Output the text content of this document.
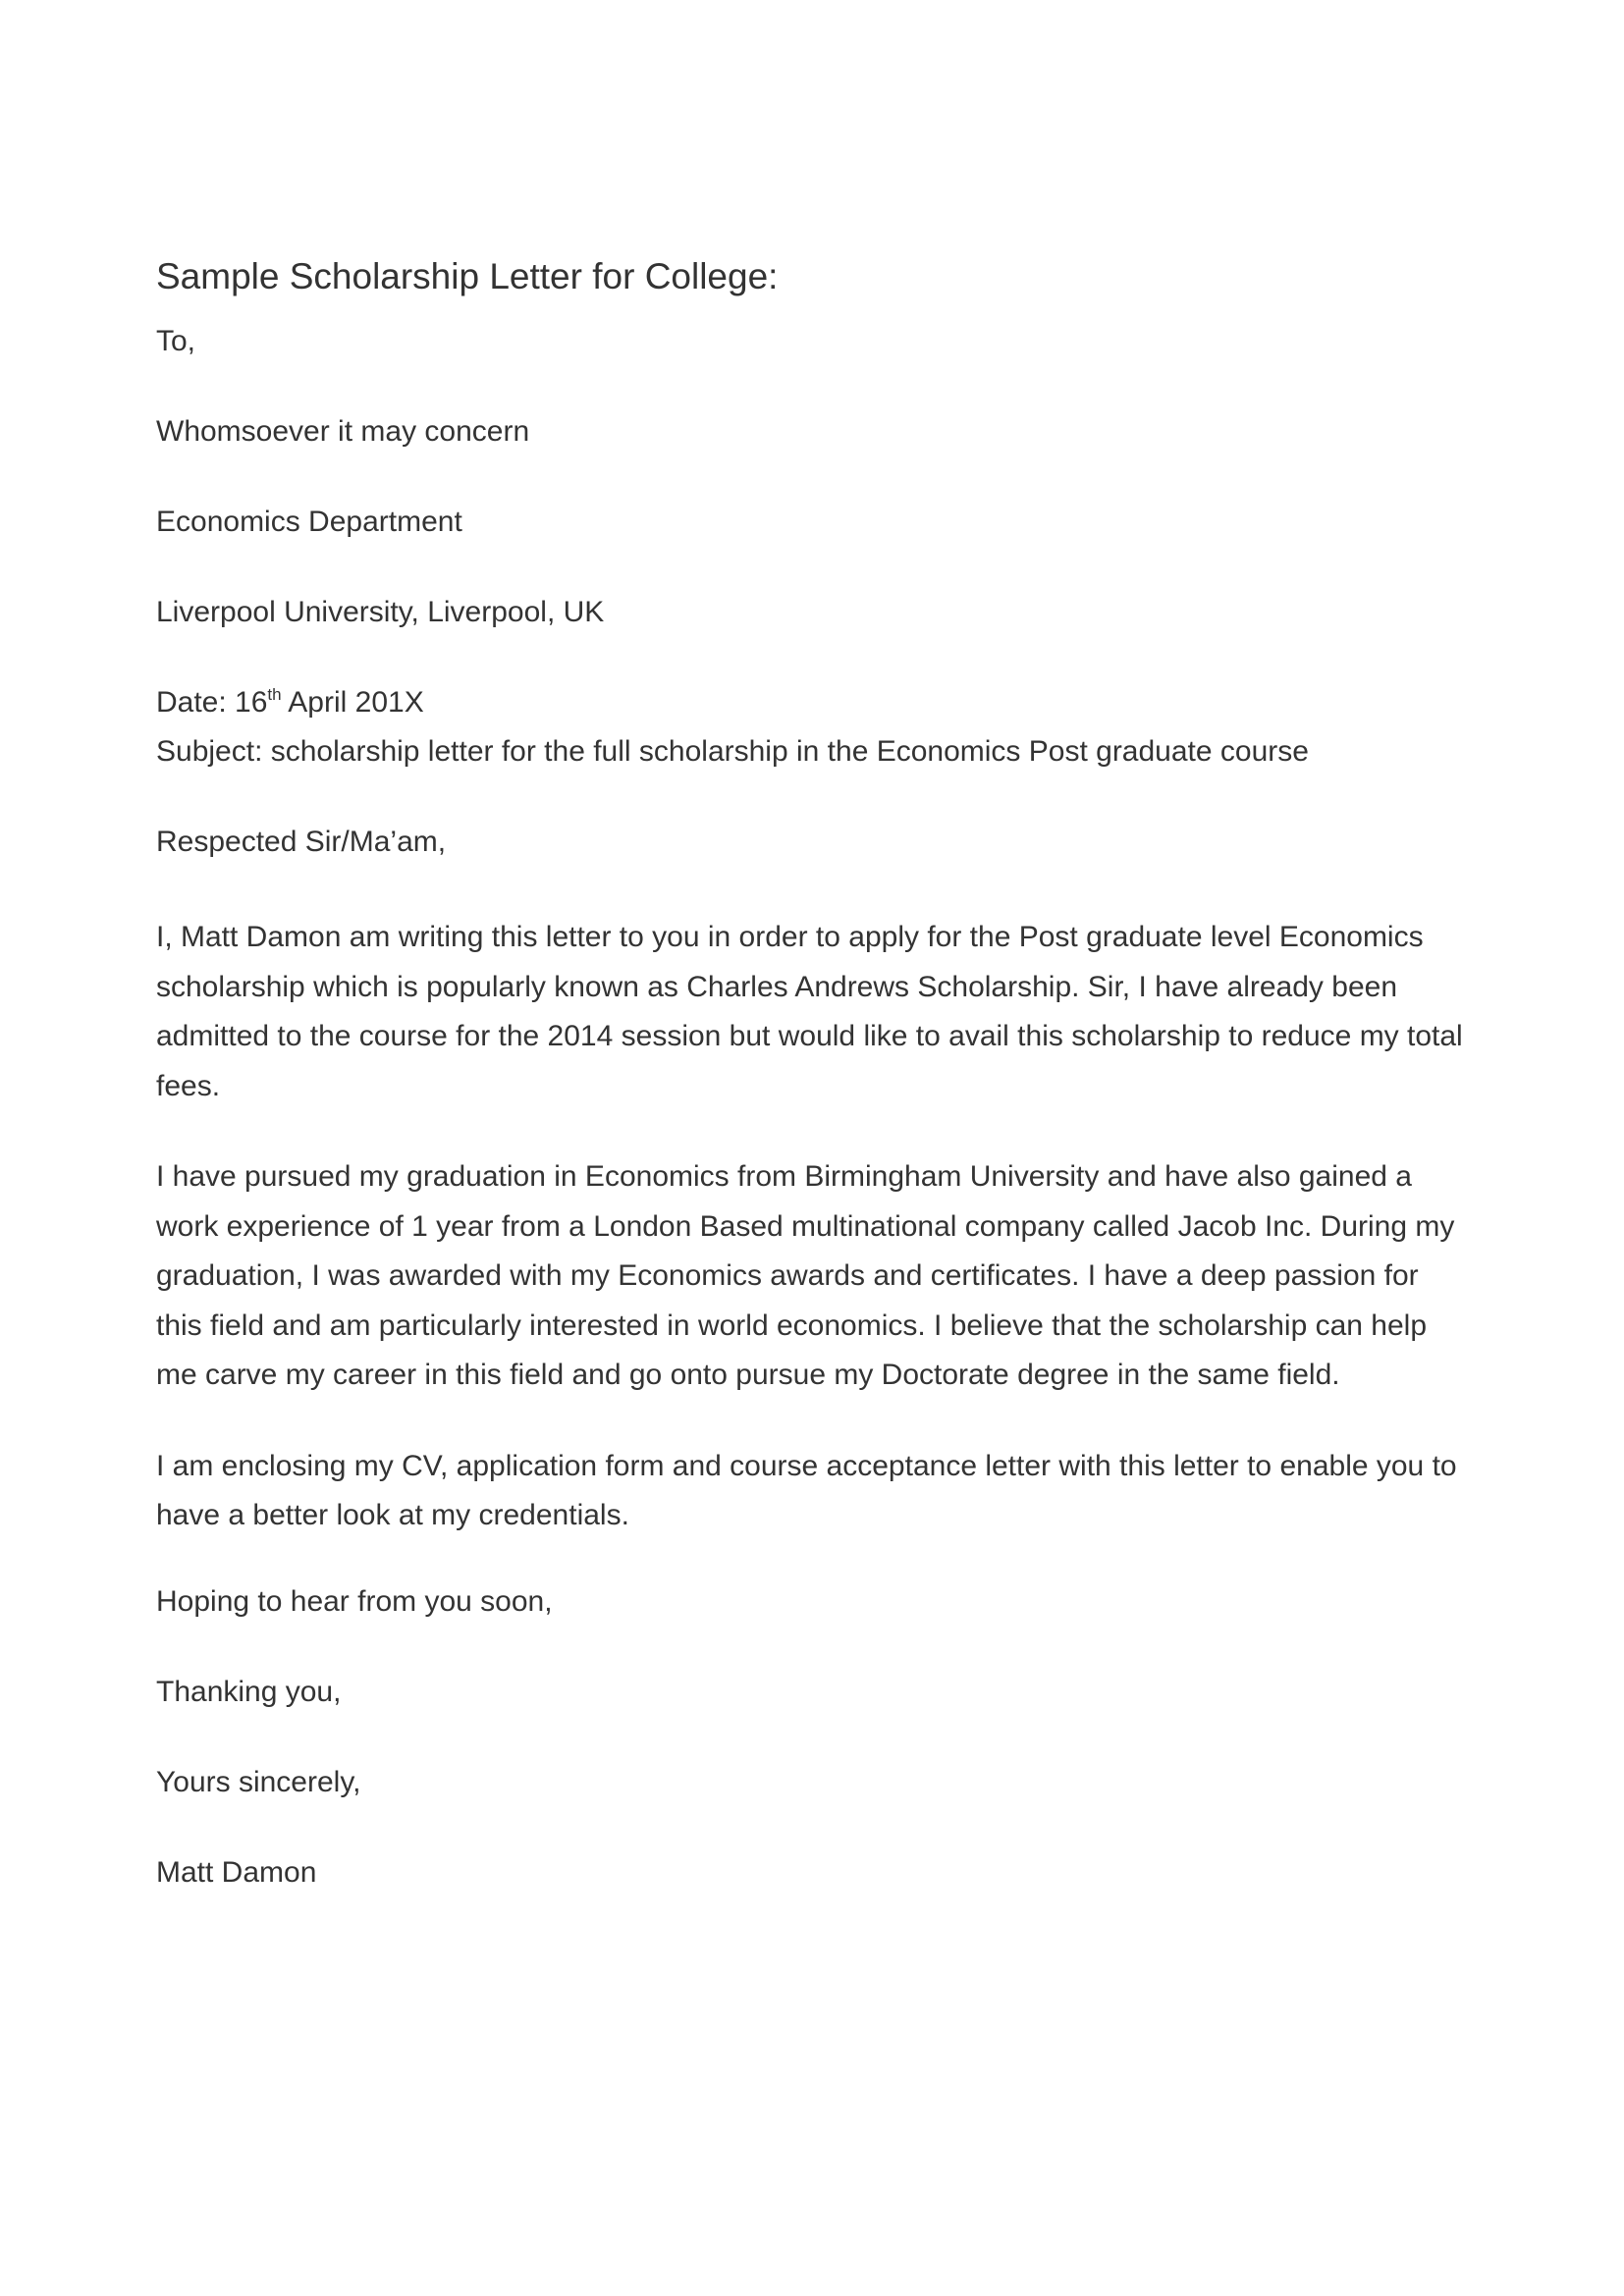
Sample Scholarship Letter for College:
To,
Whomsoever it may concern
Economics Department
Liverpool University, Liverpool, UK
Date: 16th April 201X
Subject: scholarship letter for the full scholarship in the Economics Post graduate course
Respected Sir/Ma’am,
I, Matt Damon am writing this letter to you in order to apply for the Post graduate level Economics scholarship which is popularly known as Charles Andrews Scholarship. Sir, I have already been admitted to the course for the 2014 session but would like to avail this scholarship to reduce my total fees.
I have pursued my graduation in Economics from Birmingham University and have also gained a work experience of 1 year from a London Based multinational company called Jacob Inc. During my graduation, I was awarded with my Economics awards and certificates. I have a deep passion for this field and am particularly interested in world economics. I believe that the scholarship can help me carve my career in this field and go onto pursue my Doctorate degree in the same field.
I am enclosing my CV, application form and course acceptance letter with this letter to enable you to have a better look at my credentials.
Hoping to hear from you soon,
Thanking you,
Yours sincerely,
Matt Damon
